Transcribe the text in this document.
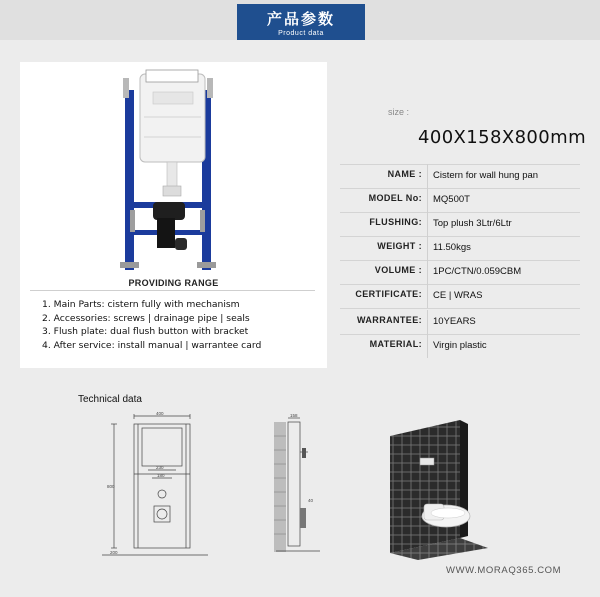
产品参数
Product data
PROVIDING RANGE
1. Main Parts: cistern fully with mechanism
2. Accessories: screws | drainage pipe | seals
3. Flush plate: dual flush button with bracket
4. After service: install manual | warrantee card
size :
400X158X800mm
NAME : Cistern for wall hung pan
MODEL No: MQ500T
FLUSHING: Top plush 3Ltr/6Ltr
WEIGHT : 11.50kgs
VOLUME : 1PC/CTN/0.059CBM
CERTIFICATE: CE | WRAS
WARRANTEE: 10YEARS
MATERIAL: Virgin plastic
Technical data
400
230
180
800
200
158
40
WWW.MORAQ365.COM
